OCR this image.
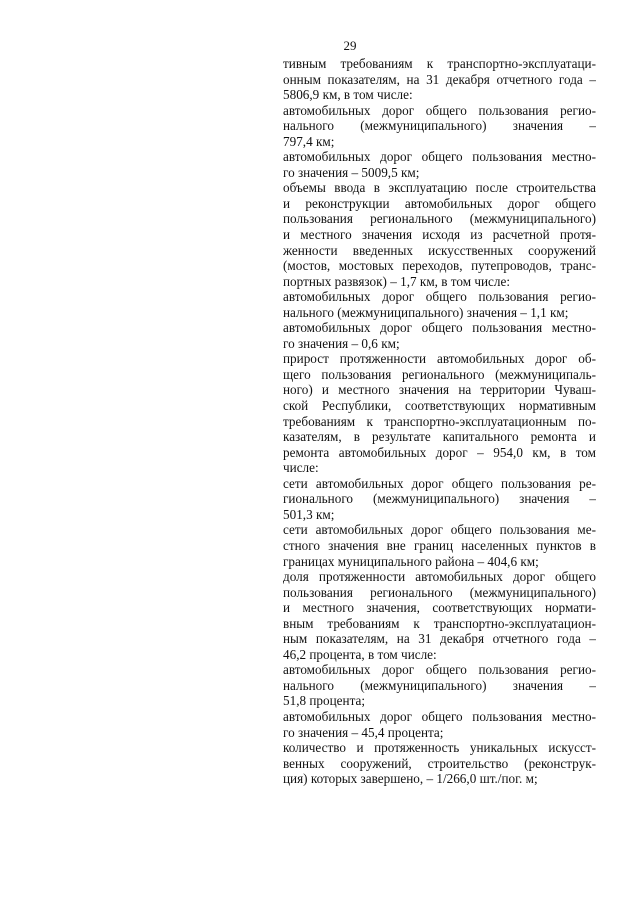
29
тивным требованиям к транспортно-эксплуатаци-
онным показателям, на 31 декабря отчетного года –
5806,9 км, в том числе:
автомобильных дорог общего пользования регио-
нального (межмуниципального) значения –
797,4 км;
автомобильных дорог общего пользования местно-
го значения – 5009,5 км;
объемы ввода в эксплуатацию после строительства
и реконструкции автомобильных дорог общего
пользования регионального (межмуниципального)
и местного значения исходя из расчетной протя-
женности введенных искусственных сооружений
(мостов, мостовых переходов, путепроводов, транс-
портных развязок) – 1,7 км, в том числе:
автомобильных дорог общего пользования регио-
нального (межмуниципального) значения – 1,1 км;
автомобильных дорог общего пользования местно-
го значения – 0,6 км;
прирост протяженности автомобильных дорог об-
щего пользования регионального (межмуниципаль-
ного) и местного значения на территории Чуваш-
ской Республики, соответствующих нормативным
требованиям к транспортно-эксплуатационным по-
казателям, в результате капитального ремонта и
ремонта автомобильных дорог – 954,0 км, в том
числе:
сети автомобильных дорог общего пользования ре-
гионального (межмуниципального) значения –
501,3 км;
сети автомобильных дорог общего пользования ме-
стного значения вне границ населенных пунктов в
границах муниципального района – 404,6 км;
доля протяженности автомобильных дорог общего
пользования регионального (межмуниципального)
и местного значения, соответствующих нормати-
вным требованиям к транспортно-эксплуатацион-
ным показателям, на 31 декабря отчетного года –
46,2 процента, в том числе:
автомобильных дорог общего пользования регио-
нального (межмуниципального) значения –
51,8 процента;
автомобильных дорог общего пользования местно-
го значения – 45,4 процента;
количество и протяженность уникальных искусст-
венных сооружений, строительство (реконструк-
ция) которых завершено, – 1/266,0 шт./пог. м;
